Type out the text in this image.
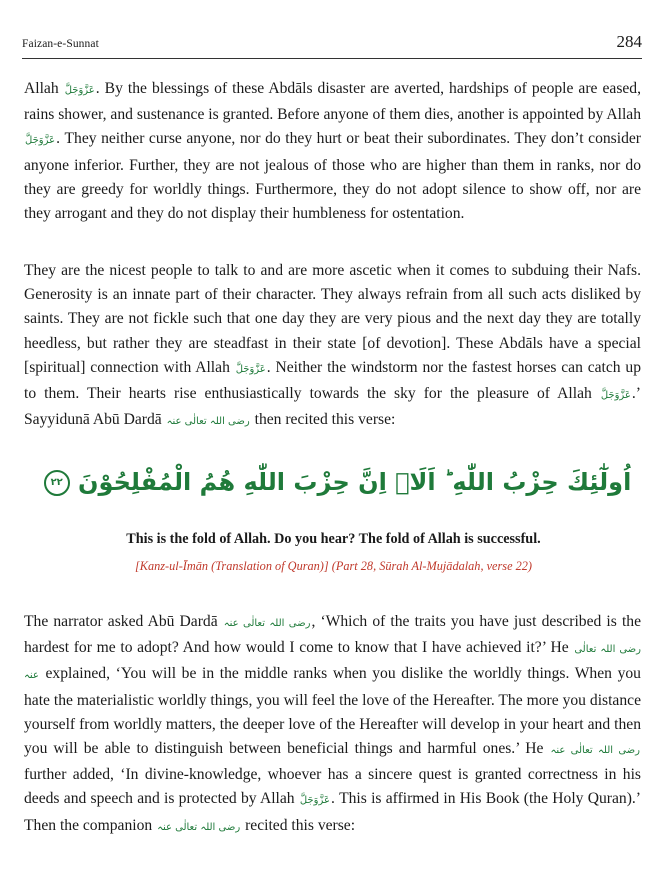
Faizan-e-Sunnat	284

Allah عَزَّوَجَلَّ. By the blessings of these Abdāls disaster are averted, hardships of people are eased, rains shower, and sustenance is granted. Before anyone of them dies, another is appointed by Allah عَزَّوَجَلَّ. They neither curse anyone, nor do they hurt or beat their subordinates. They don’t consider anyone inferior. Further, they are not jealous of those who are higher than them in ranks, nor do they are greedy for worldly things. Furthermore, they do not adopt silence to show off, nor are they arrogant and they do not display their humbleness for ostentation.

They are the nicest people to talk to and are more ascetic when it comes to subduing their Nafs. Generosity is an innate part of their character. They always refrain from all such acts disliked by saints. They are not fickle such that one day they are very pious and the next day they are totally heedless, but rather they are steadfast in their state [of devotion]. These Abdāls have a special [spiritual] connection with Allah عَزَّوَجَلَّ. Neither the windstorm nor the fastest horses can catch up to them. Their hearts rise enthusiastically towards the sky for the pleasure of Allah عَزَّوَجَلَّ.’ Sayyidunā Abū Dardā رضی اللہ تعالٰی عنہ then recited this verse:

اُولٰٓئِكَ حِزْبُ اللّٰهِ ؕ اَلَاۤ اِنَّ حِزْبَ اللّٰهِ هُمُ الْمُفْلِحُوْنَ ٢٢
This is the fold of Allah. Do you hear? The fold of Allah is successful.
[Kanz-ul-Īmān (Translation of Quran)] (Part 28, Sūrah Al-Mujādalah, verse 22)

The narrator asked Abū Dardā رضی اللہ تعالٰی عنہ, ‘Which of the traits you have just described is the hardest for me to adopt? And how would I come to know that I have achieved it?’ He رضی اللہ تعالٰی عنہ explained, ‘You will be in the middle ranks when you dislike the worldly things. When you hate the materialistic worldly things, you will feel the love of the Hereafter. The more you distance yourself from worldly matters, the deeper love of the Hereafter will develop in your heart and then you will be able to distinguish between beneficial things and harmful ones.’ He رضی اللہ تعالٰی عنہ further added, ‘In divine-knowledge, whoever has a sincere quest is granted correctness in his deeds and speech and is protected by Allah عَزَّوَجَلَّ. This is affirmed in His Book (the Holy Quran).’ Then the companion رضی اللہ تعالٰی عنہ recited this verse:
